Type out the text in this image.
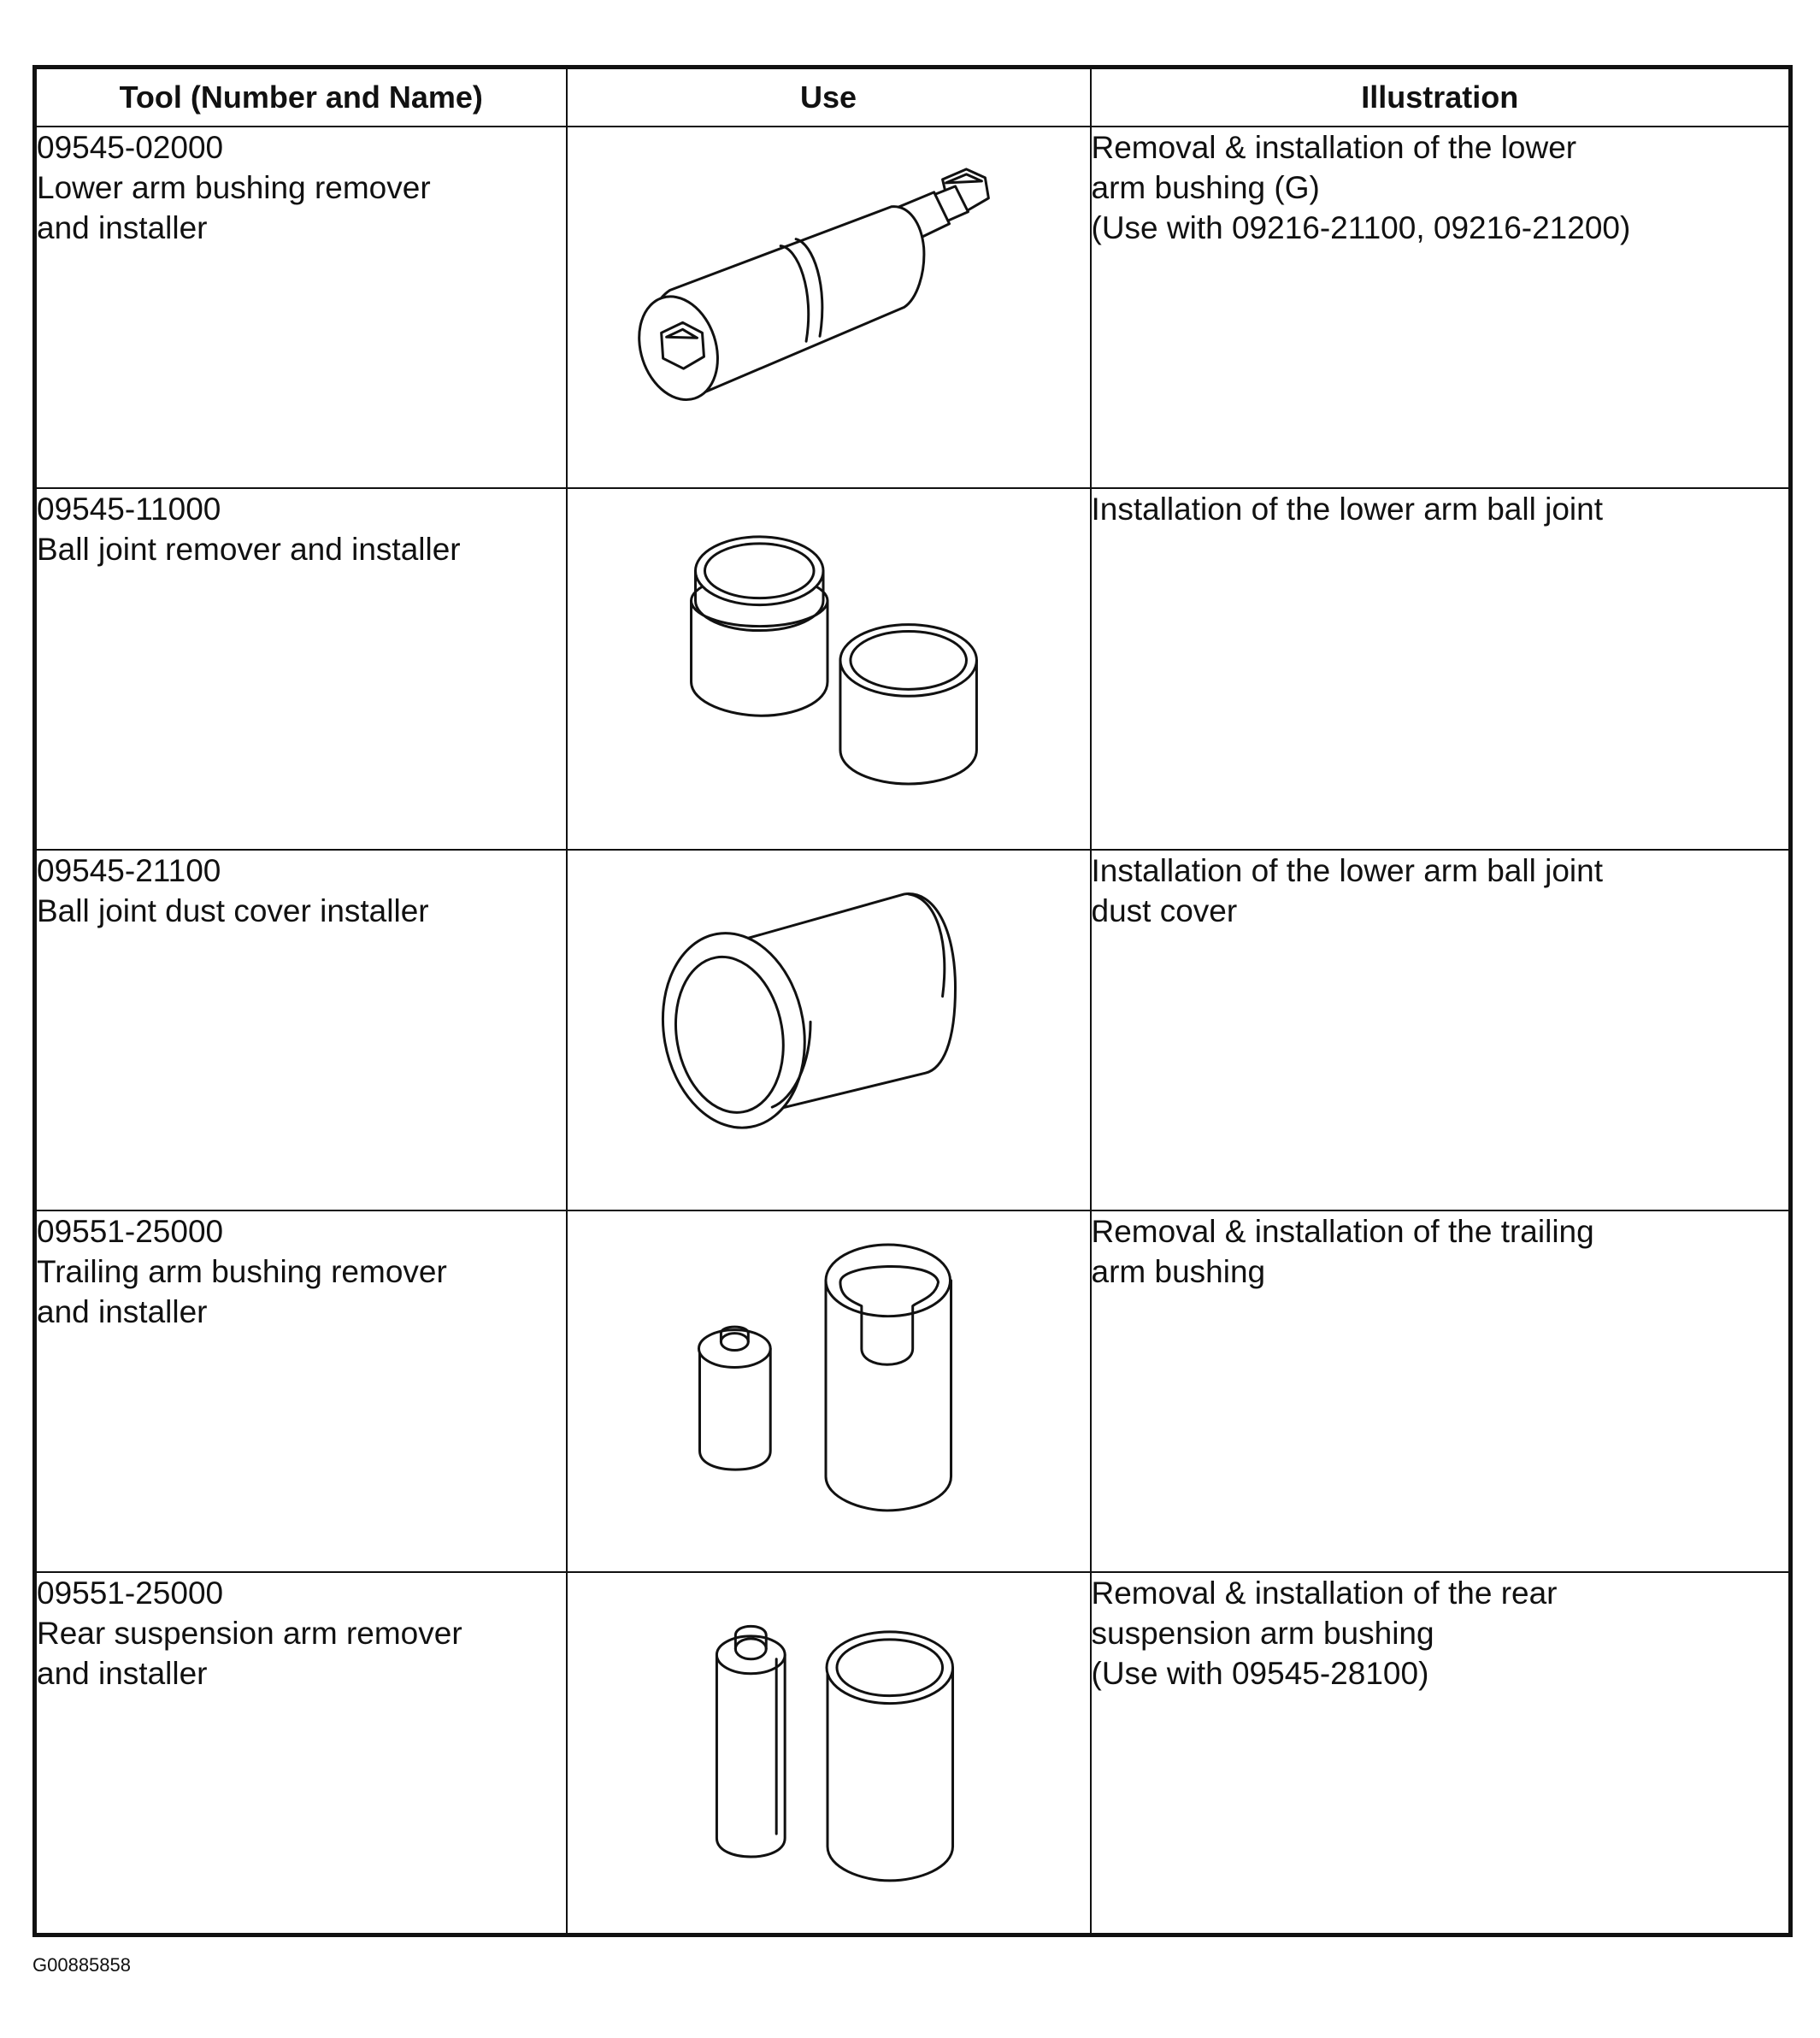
Tool (Number and Name)	Use	Illustration

09545-02000
Lower arm bushing remover
and installer		Removal & installation of the lower
arm bushing (G)
(Use with 09216-21100, 09216-21200)

09545-11000
Ball joint remover and installer		Installation of the lower arm ball joint

09545-21100
Ball joint dust cover installer		Installation of the lower arm ball joint
dust cover

09551-25000
Trailing arm bushing remover
and installer		Removal & installation of the trailing
arm bushing

09551-25000
Rear suspension arm remover
and installer		Removal & installation of the rear
suspension arm bushing
(Use with 09545-28100)
G00885858
